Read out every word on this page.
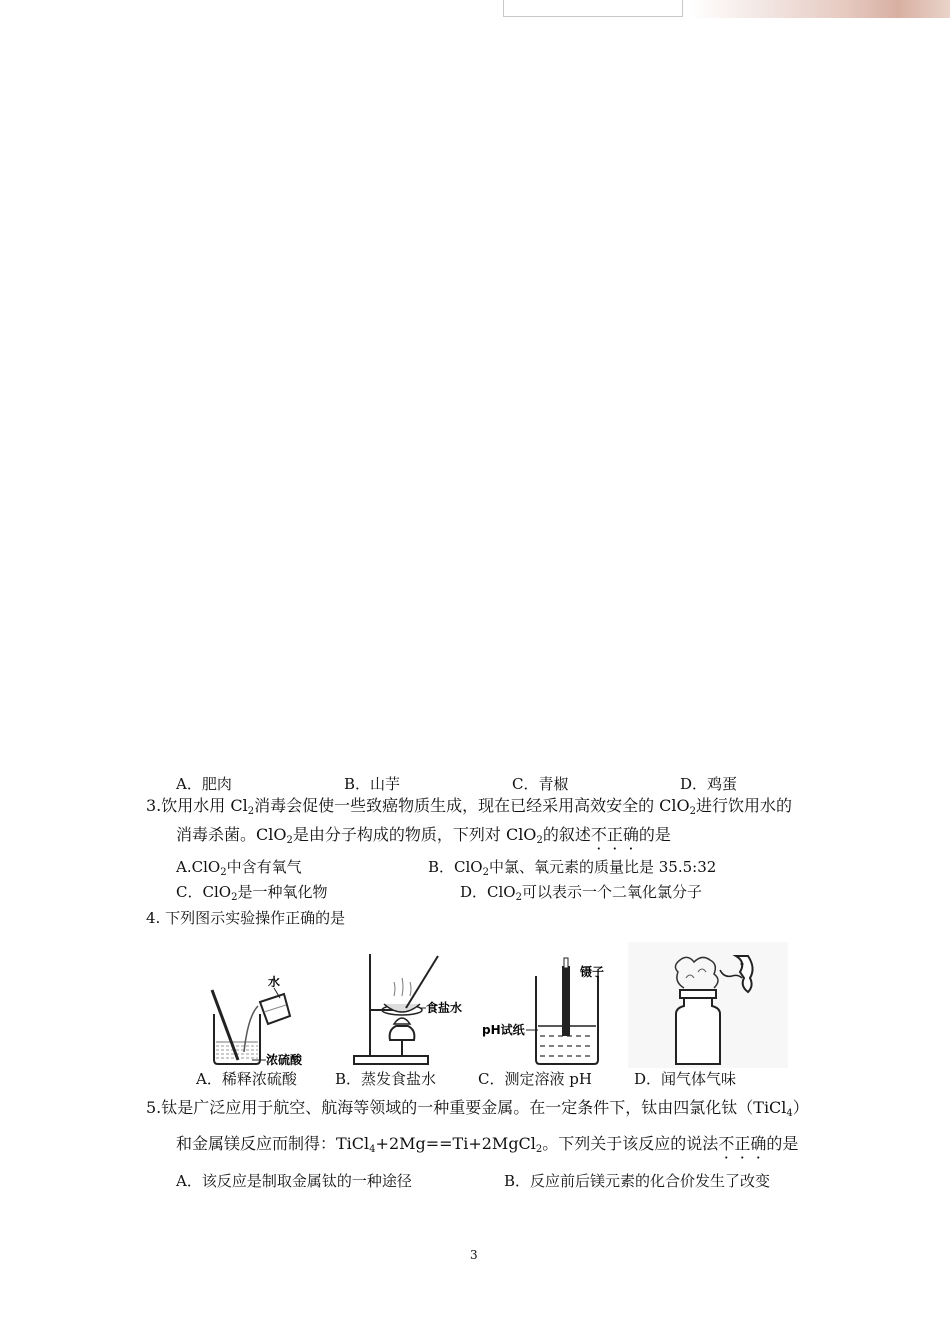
A．肥肉	B．山芋	C．青椒	D．鸡蛋
3.饮用水用 $Cl_2$消毒会促使一些致癌物质生成，现在已经采用高效安全的 ClO$_2$进行饮用水的
消毒杀菌。ClO$_2$是由分子构成的物质，下列对 ClO$_2$的叙述不正确的是
A.ClO$_2$中含有氧气	B．ClO$_2$中氯、氧元素的质量比是 35.5:32
C．ClO$_2$是一种氧化物	D．ClO$_2$可以表示一个二氧化氯分子
4. 下列图示实验操作正确的是
水
浓硫酸
食盐水
镊子
pH试纸
A．稀释浓硫酸	B．蒸发食盐水	C．测定溶液 pH	D．闻气体气味
5.钛是广泛应用于航空、航海等领域的一种重要金属。在一定条件下，钛由四氯化钛（TiCl$_4$）
和金属镁反应而制得：TiCl$_4$+2Mg==Ti+2MgCl$_2$。下列关于该反应的说法不正确的是
A．该反应是制取金属钛的一种途径	B．反应前后镁元素的化合价发生了改变
3
